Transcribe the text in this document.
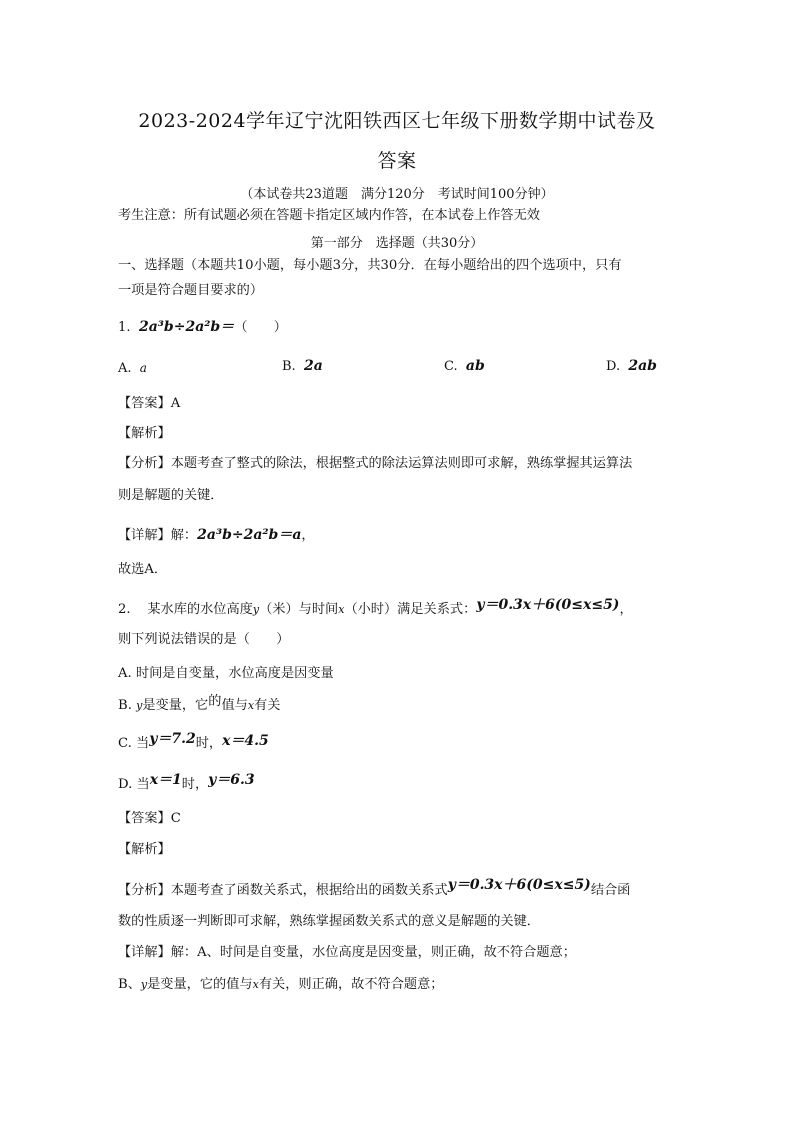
2023-2024学年辽宁沈阳铁西区七年级下册数学期中试卷及
答案
（本试卷共23道题　满分120分　考试时间100分钟）
考生注意：所有试题必须在答题卡指定区域内作答，在本试卷上作答无效
第一部分　选择题（共30分）
一、选择题（本题共10小题，每小题3分，共30分．在每小题给出的四个选项中，只有
一项是符合题目要求的）
1. 2a³b÷2a²b＝（　　）
A. a	B. 2a	C. ab	D. 2ab
【答案】A
【解析】
【分析】本题考查了整式的除法，根据整式的除法运算法则即可求解，熟练掌握其运算法
则是解题的关键．
【详解】解：2a³b÷2a²b＝a，
故选A．
2. 某水库的水位高度y（米）与时间x（小时）满足关系式：y＝0.3x＋6(0≤x≤5)，
则下列说法错误的是（　　）
A. 时间是自变量，水位高度是因变量
B. y是变量，它的值与x有关
C. 当y＝7.2时，x＝4.5
D. 当x＝1时，y＝6.3
【答案】C
【解析】
【分析】本题考查了函数关系式，根据给出的函数关系式y＝0.3x＋6(0≤x≤5)结合函
数的性质逐一判断即可求解，熟练掌握函数关系式的意义是解题的关键．
【详解】解：A、时间是自变量，水位高度是因变量，则正确，故不符合题意；
B、y是变量，它的值与x有关，则正确，故不符合题意；
